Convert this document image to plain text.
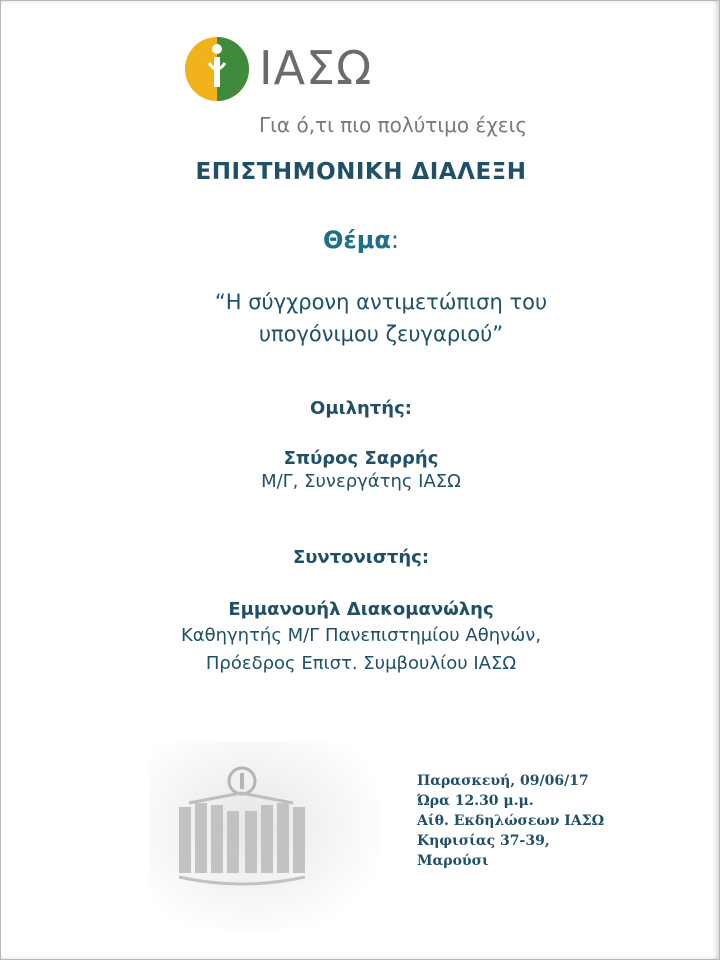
ΙΑΣΩ
Για ό,τι πιο πολύτιμο έχεις
ΕΠΙΣΤΗΜΟΝΙΚΗ ΔΙΑΛΕΞΗ
Θέμα:
“Η σύγχρονη αντιμετώπιση του
υπογόνιμου ζευγαριού”
Ομιλητής:
Σπύρος Σαρρής
Μ/Γ, Συνεργάτης ΙΑΣΩ
Συντονιστής:
Εμμανουήλ Διακομανώλης
Καθηγητής Μ/Γ Πανεπιστημίου Αθηνών,
Πρόεδρος Επιστ. Συμβουλίου ΙΑΣΩ
Παρασκευή, 09/06/17
Ώρα 12.30 μ.μ.
Αίθ. Εκδηλώσεων ΙΑΣΩ
Κηφισίας 37-39,
Μαρούσι
